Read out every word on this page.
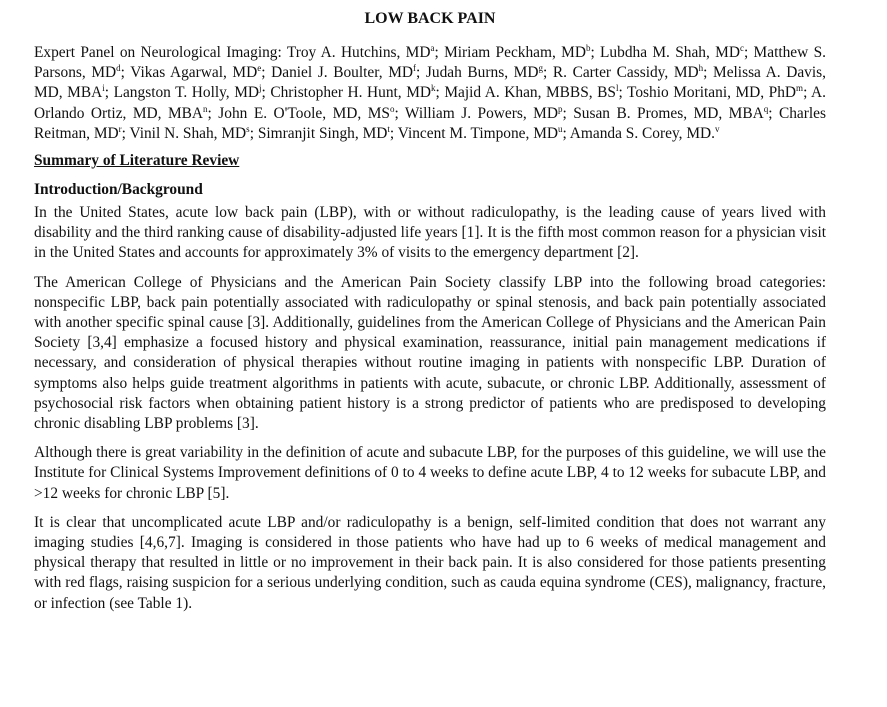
LOW BACK PAIN
Expert Panel on Neurological Imaging: Troy A. Hutchins, $MD^a$; Miriam Peckham, $MD^b$; Lubdha M. Shah, $MD^c$; Matthew S. Parsons, $MD^d$; Vikas Agarwal, MDe; Daniel J. Boulter, $MD^f$; Judah Burns, $MD^g$; R. Carter Cassidy, $MD^h$; Melissa A. Davis, MD, MBA$^i$; Langston T. Holly, $MD^j$; Christopher H. Hunt, $MD^k$; Majid A. Khan, MBBS, $BS^l$; Toshio Moritani, MD, PhD$^m$; A. Orlando Ortiz, MD, MBA$^n$; John E. O'Toole, MD, $MS^o$; William J. Powers, $MD^p$; Susan B. Promes, MD, MBA$^q$; Charles Reitman, $MD^r$; Vinil N. Shah, $MD^s$; Simranjit Singh, $MD^t$; Vincent M. Timpone, $MD^u$; Amanda S. Corey, MD.$^v$
Summary of Literature Review
Introduction/Background

In the United States, acute low back pain (LBP), with or without radiculopathy, is the leading cause of years lived with disability and the third ranking cause of disability-adjusted life years [1]. It is the fifth most common reason for a physician visit in the United States and accounts for approximately 3% of visits to the emergency department [2].

The American College of Physicians and the American Pain Society classify LBP into the following broad categories: nonspecific LBP, back pain potentially associated with radiculopathy or spinal stenosis, and back pain potentially associated with another specific spinal cause [3]. Additionally, guidelines from the American College of Physicians and the American Pain Society [3,4] emphasize a focused history and physical examination, reassurance, initial pain management medications if necessary, and consideration of physical therapies without routine imaging in patients with nonspecific LBP. Duration of symptoms also helps guide treatment algorithms in patients with acute, subacute, or chronic LBP. Additionally, assessment of psychosocial risk factors when obtaining patient history is a strong predictor of patients who are predisposed to developing chronic disabling LBP problems [3].

Although there is great variability in the definition of acute and subacute LBP, for the purposes of this guideline, we will use the Institute for Clinical Systems Improvement definitions of 0 to 4 weeks to define acute LBP, 4 to 12 weeks for subacute LBP, and >12 weeks for chronic LBP [5].

It is clear that uncomplicated acute LBP and/or radiculopathy is a benign, self-limited condition that does not warrant any imaging studies [4,6,7]. Imaging is considered in those patients who have had up to 6 weeks of medical management and physical therapy that resulted in little or no improvement in their back pain. It is also considered for those patients presenting with red flags, raising suspicion for a serious underlying condition, such as cauda equina syndrome (CES), malignancy, fracture, or infection (see Table 1).
